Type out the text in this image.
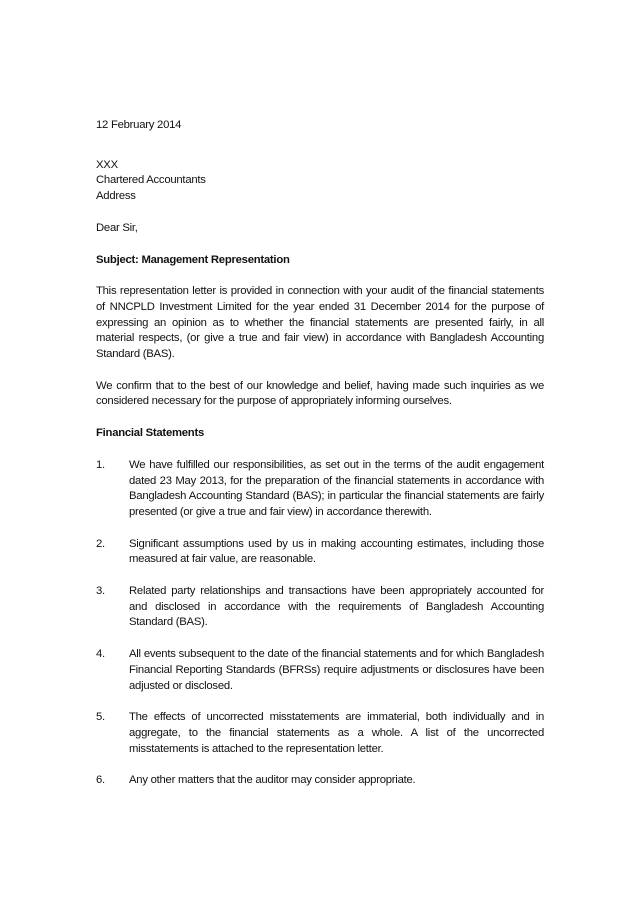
12 February 2014
XXX
Chartered Accountants
Address
Dear Sir,
Subject: Management Representation

This representation letter is provided in connection with your audit of the financial statements of NNCPLD Investment Limited for the year ended 31 December 2014 for the purpose of expressing an opinion as to whether the financial statements are presented fairly, in all material respects, (or give a true and fair view) in accordance with Bangladesh Accounting Standard (BAS).

We confirm that to the best of our knowledge and belief, having made such inquiries as we considered necessary for the purpose of appropriately informing ourselves.

Financial Statements
1.	We have fulfilled our responsibilities, as set out in the terms of the audit engagement dated 23 May 2013, for the preparation of the financial statements in accordance with Bangladesh Accounting Standard (BAS); in particular the financial statements are fairly presented (or give a true and fair view) in accordance therewith.
2.	Significant assumptions used by us in making accounting estimates, including those measured at fair value, are reasonable.
3.	Related party relationships and transactions have been appropriately accounted for and disclosed in accordance with the requirements of Bangladesh Accounting Standard (BAS).
4.	All events subsequent to the date of the financial statements and for which Bangladesh Financial Reporting Standards (BFRSs) require adjustments or disclosures have been adjusted or disclosed.
5.	The effects of uncorrected misstatements are immaterial, both individually and in aggregate, to the financial statements as a whole. A list of the uncorrected misstatements is attached to the representation letter.
6.	Any other matters that the auditor may consider appropriate.
